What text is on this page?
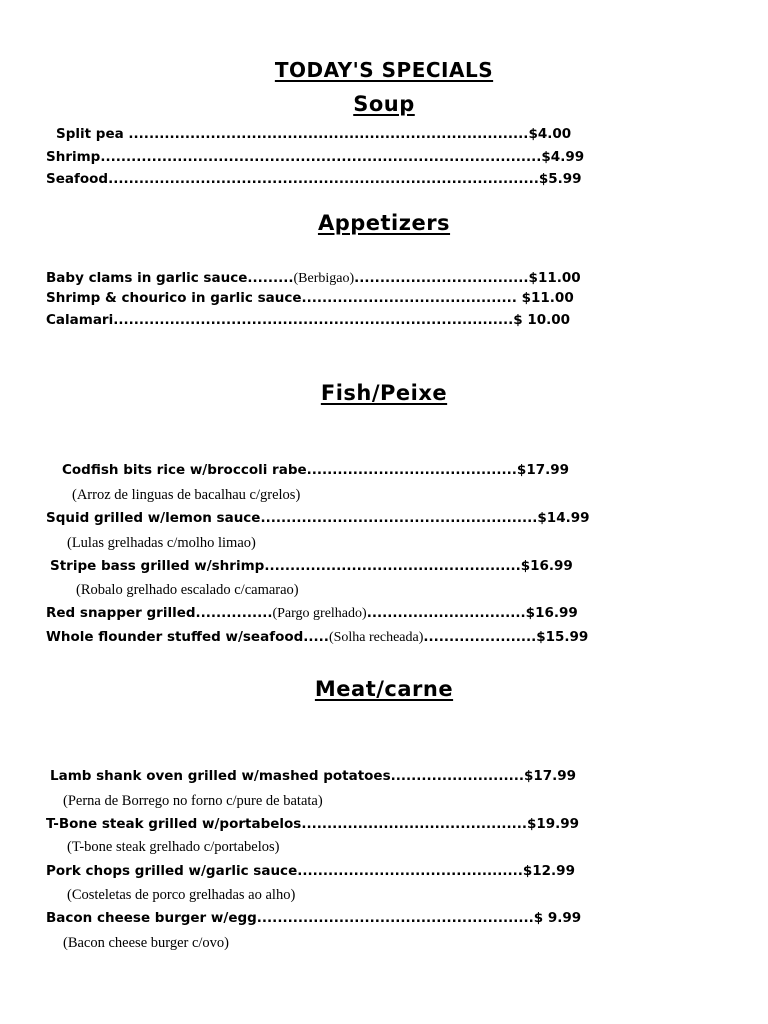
TODAY'S SPECIALS
Soup
Split pea ..............................................................................$4.00
Shrimp......................................................................................$4.99
Seafood....................................................................................$5.99
Appetizers
Baby clams in garlic sauce.........(Berbigao)..................................$11.00
Shrimp & chourico in garlic sauce.......................................... $11.00
Calamari..............................................................................$ 10.00
Fish/Peixe
Codfish bits rice w/broccoli rabe.........................................$17.99
(Arroz de linguas de bacalhau c/grelos)
Squid grilled w/lemon sauce......................................................$14.99
(Lulas grelhadas c/molho limao)
Stripe bass grilled w/shrimp..................................................$16.99
(Robalo grelhado escalado c/camarao)
Red snapper grilled...............(Pargo grelhado)...............................$16.99
Whole flounder stuffed w/seafood.....(Solha recheada)......................$15.99
Meat/carne
Lamb shank oven grilled w/mashed potatoes..........................$17.99
(Perna de Borrego no forno c/pure de batata)
T-Bone steak grilled w/portabelos............................................$19.99
(T-bone steak grelhado c/portabelos)
Pork chops grilled w/garlic sauce............................................$12.99
(Costeletas de porco grelhadas ao alho)
Bacon cheese burger w/egg......................................................$ 9.99
(Bacon cheese burger c/ovo)
